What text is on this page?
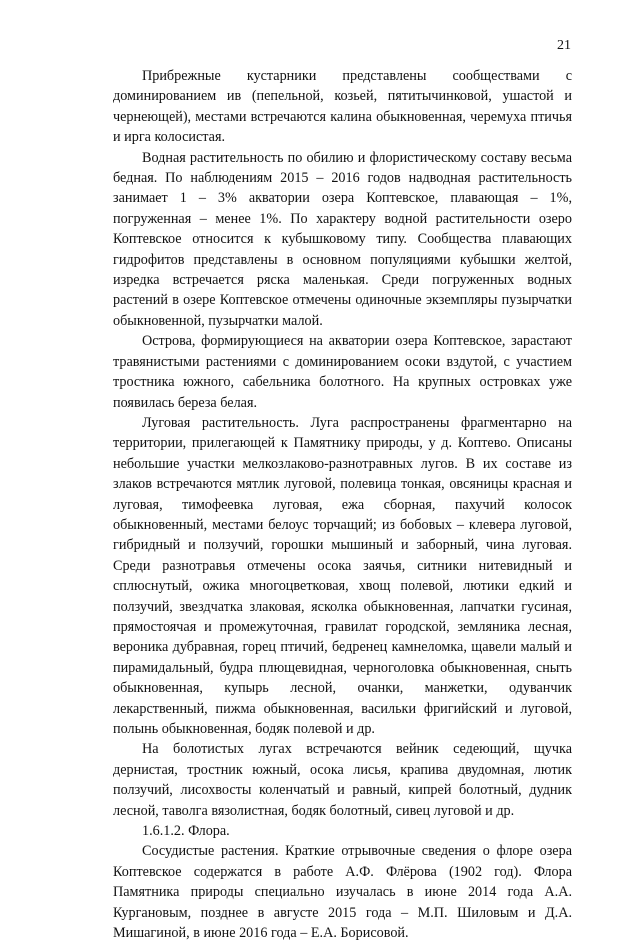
21

Прибрежные кустарники представлены сообществами с доминированием ив (пепельной, козьей, пятитычинковой, ушастой и чернеющей), местами встречаются калина обыкновенная, черемуха птичья и ирга колосистая.

Водная растительность по обилию и флористическому составу весьма бедная. По наблюдениям 2015 – 2016 годов надводная растительность занимает 1 – 3% акватории озера Коптевское, плавающая – 1%, погруженная – менее 1%. По характеру водной растительности озеро Коптевское относится к кубышковому типу. Сообщества плавающих гидрофитов представлены в основном популяциями кубышки желтой, изредка встречается ряска маленькая. Среди погруженных водных растений в озере Коптевское отмечены одиночные экземпляры пузырчатки обыкновенной, пузырчатки малой.

Острова, формирующиеся на акватории озера Коптевское, зарастают травянистыми растениями с доминированием осоки вздутой, с участием тростника южного, сабельника болотного. На крупных островках уже появилась береза белая.

Луговая растительность. Луга распространены фрагментарно на территории, прилегающей к Памятнику природы, у д. Коптево. Описаны небольшие участки мелкозлаково-разнотравных лугов. В их составе из злаков встречаются мятлик луговой, полевица тонкая, овсяницы красная и луговая, тимофеевка луговая, ежа сборная, пахучий колосок обыкновенный, местами белоус торчащий; из бобовых – клевера луговой, гибридный и ползучий, горошки мышиный и заборный, чина луговая. Среди разнотравья отмечены осока заячья, ситники нитевидный и сплюснутый, ожика многоцветковая, хвощ полевой, лютики едкий и ползучий, звездчатка злаковая, ясколка обыкновенная, лапчатки гусиная, прямостоячая и промежуточная, гравилат городской, земляника лесная, вероника дубравная, горец птичий, бедренец камнеломка, щавели малый и пирамидальный, будра плющевидная, черноголовка обыкновенная, сныть обыкновенная, купырь лесной, очанки, манжетки, одуванчик лекарственный, пижма обыкновенная, васильки фригийский и луговой, полынь обыкновенная, бодяк полевой и др.

На болотистых лугах встречаются вейник седеющий, щучка дернистая, тростник южный, осока лисья, крапива двудомная, лютик ползучий, лисохвосты коленчатый и равный, кипрей болотный, дудник лесной, таволга вязолистная, бодяк болотный, сивец луговой и др.

1.6.1.2. Флора.

Сосудистые растения. Краткие отрывочные сведения о флоре озера Коптевское содержатся в работе А.Ф. Флёрова (1902 год). Флора Памятника природы специально изучалась в июне 2014 года А.А. Кургановым, позднее в августе 2015 года – М.П. Шиловым и Д.А. Мишагиной, в июне 2016 года – Е.А. Борисовой.
